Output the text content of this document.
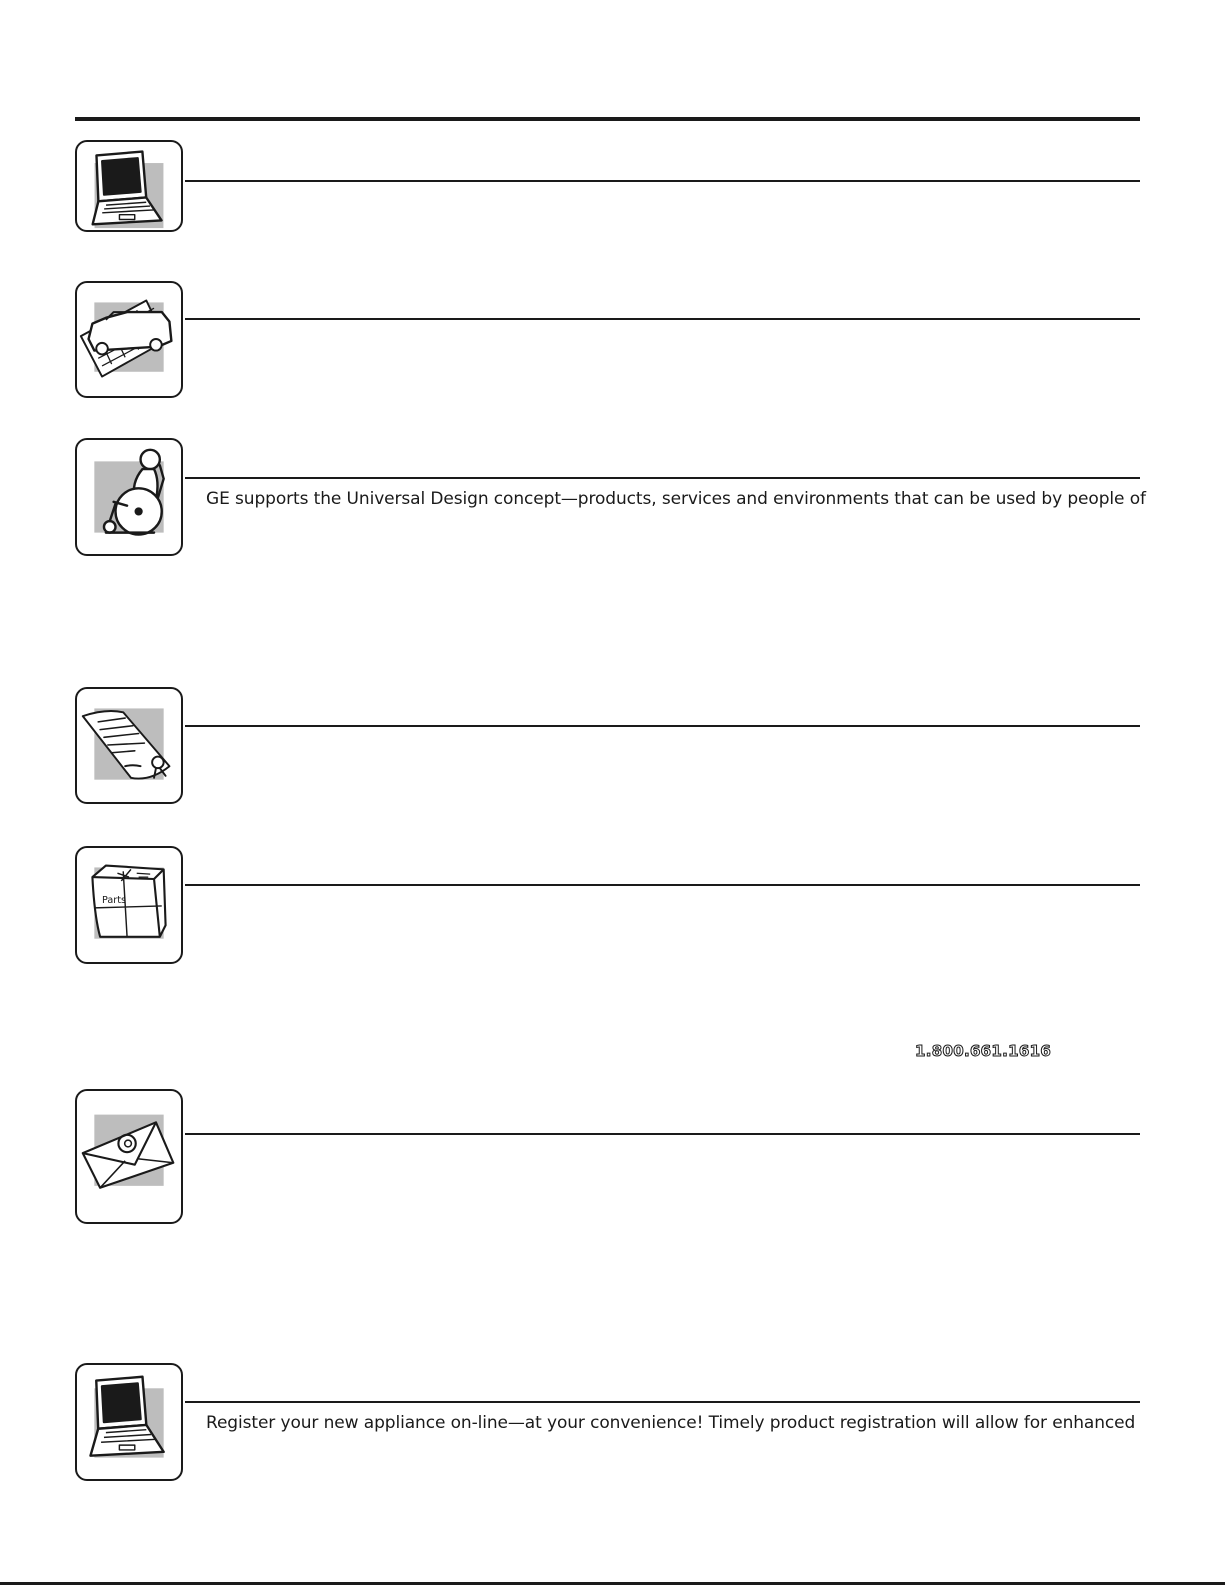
GE supports the Universal Design concept—products, services and environments that can be used by people of
Parts
1.800.661.1616
Register your new appliance on-line—at your convenience! Timely product registration will allow for enhanced
